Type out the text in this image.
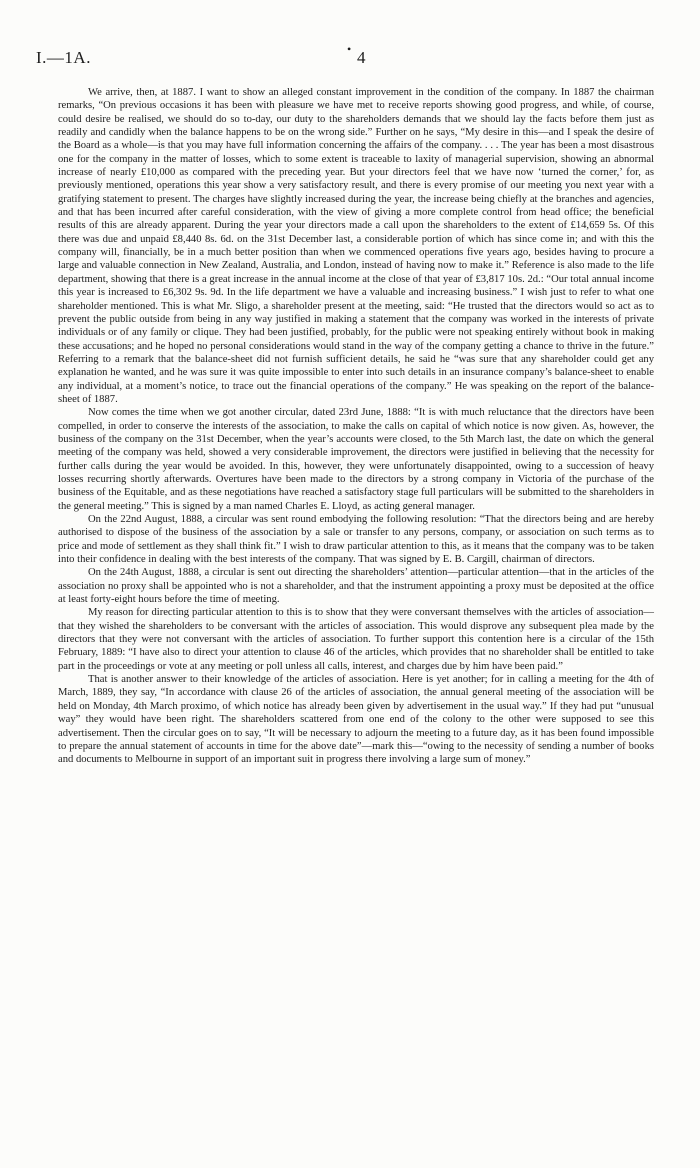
I.—1A.	• 4

We arrive, then, at 1887. I want to show an alleged constant improvement in the condition of the company. In 1887 the chairman remarks, “On previous occasions it has been with pleasure we have met to receive reports showing good progress, and while, of course, could desire be realised, we should do so to-day, our duty to the shareholders demands that we should lay the facts before them just as readily and candidly when the balance happens to be on the wrong side.” Further on he says, “My desire in this—and I speak the desire of the Board as a whole—is that you may have full information concerning the affairs of the company. . . . The year has been a most disastrous one for the company in the matter of losses, which to some extent is traceable to laxity of managerial supervision, showing an abnormal increase of nearly £10,000 as compared with the preceding year. But your directors feel that we have now ‘turned the corner,’ for, as previously mentioned, operations this year show a very satisfactory result, and there is every promise of our meeting you next year with a gratifying statement to present. The charges have slightly increased during the year, the increase being chiefly at the branches and agencies, and that has been incurred after careful consideration, with the view of giving a more complete control from head office; the beneficial results of this are already apparent. During the year your directors made a call upon the shareholders to the extent of £14,659 5s. Of this there was due and unpaid £8,440 8s. 6d. on the 31st December last, a considerable portion of which has since come in; and with this the company will, financially, be in a much better position than when we commenced operations five years ago, besides having to procure a large and valuable connection in New Zealand, Australia, and London, instead of having now to make it.” Reference is also made to the life department, showing that there is a great increase in the annual income at the close of that year of £3,817 10s. 2d.: “Our total annual income this year is increased to £6,302 9s. 9d. In the life department we have a valuable and increasing business.” I wish just to refer to what one shareholder mentioned. This is what Mr. Sligo, a shareholder present at the meeting, said: “He trusted that the directors would so act as to prevent the public outside from being in any way justified in making a statement that the company was worked in the interests of private individuals or of any family or clique. They had been justified, probably, for the public were not speaking entirely without book in making these accusations; and he hoped no personal considerations would stand in the way of the company getting a chance to thrive in the future.” Referring to a remark that the balance-sheet did not furnish sufficient details, he said he “was sure that any shareholder could get any explanation he wanted, and he was sure it was quite impossible to enter into such details in an insurance company’s balance-sheet to enable any individual, at a moment’s notice, to trace out the financial operations of the company.” He was speaking on the report of the balance-sheet of 1887.

Now comes the time when we got another circular, dated 23rd June, 1888: “It is with much reluctance that the directors have been compelled, in order to conserve the interests of the association, to make the calls on capital of which notice is now given. As, however, the business of the company on the 31st December, when the year’s accounts were closed, to the 5th March last, the date on which the general meeting of the company was held, showed a very considerable improvement, the directors were justified in believing that the necessity for further calls during the year would be avoided. In this, however, they were unfortunately disappointed, owing to a succession of heavy losses recurring shortly afterwards. Overtures have been made to the directors by a strong company in Victoria of the purchase of the business of the Equitable, and as these negotiations have reached a satisfactory stage full particulars will be submitted to the shareholders in the general meeting.” This is signed by a man named Charles E. Lloyd, as acting general manager.

On the 22nd August, 1888, a circular was sent round embodying the following resolution: “That the directors being and are hereby authorised to dispose of the business of the association by a sale or transfer to any persons, company, or association on such terms as to price and mode of settlement as they shall think fit.” I wish to draw particular attention to this, as it means that the company was to be taken into their confidence in dealing with the best interests of the company. That was signed by E. B. Cargill, chairman of directors.

On the 24th August, 1888, a circular is sent out directing the shareholders’ attention—particular attention—that in the articles of the association no proxy shall be appointed who is not a shareholder, and that the instrument appointing a proxy must be deposited at the office at least forty-eight hours before the time of meeting.

My reason for directing particular attention to this is to show that they were conversant themselves with the articles of association—that they wished the shareholders to be conversant with the articles of association. This would disprove any subsequent plea made by the directors that they were not conversant with the articles of association. To further support this contention here is a circular of the 15th February, 1889: “I have also to direct your attention to clause 46 of the articles, which provides that no shareholder shall be entitled to take part in the proceedings or vote at any meeting or poll unless all calls, interest, and charges due by him have been paid.”

That is another answer to their knowledge of the articles of association. Here is yet another; for in calling a meeting for the 4th of March, 1889, they say, “In accordance with clause 26 of the articles of association, the annual general meeting of the association will be held on Monday, 4th March proximo, of which notice has already been given by advertisement in the usual way.” If they had put “unusual way” they would have been right. The shareholders scattered from one end of the colony to the other were supposed to see this advertisement. Then the circular goes on to say, “It will be necessary to adjourn the meeting to a future day, as it has been found impossible to prepare the annual statement of accounts in time for the above date”—mark this—“owing to the necessity of sending a number of books and documents to Melbourne in support of an important suit in progress there involving a large sum of money.”
